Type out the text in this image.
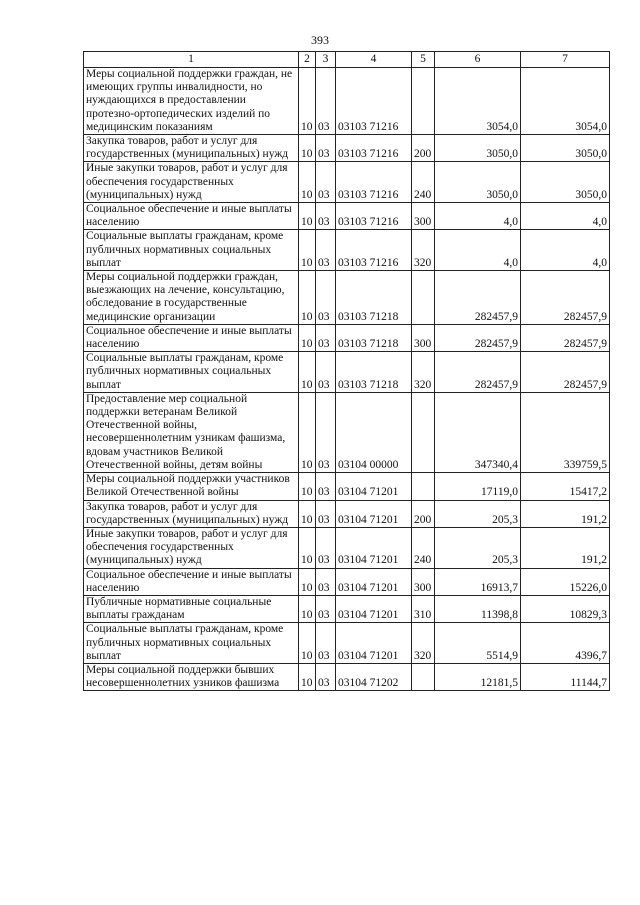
393
1	2	3	4	5	6	7
Меры социальной поддержки граждан, не имеющих группы инвалидности, но нуждающихся в предоставлении протезно-ортопедических изделий по медицинским показаниям	10	03	03103 71216		3054,0	3054,0
Закупка товаров, работ и услуг для государственных (муниципальных) нужд	10	03	03103 71216	200	3050,0	3050,0
Иные закупки товаров, работ и услуг для обеспечения государственных (муниципальных) нужд	10	03	03103 71216	240	3050,0	3050,0
Социальное обеспечение и иные выплаты населению	10	03	03103 71216	300	4,0	4,0
Социальные выплаты гражданам, кроме публичных нормативных социальных выплат	10	03	03103 71216	320	4,0	4,0
Меры социальной поддержки граждан, выезжающих на лечение, консультацию, обследование в государственные медицинские организации	10	03	03103 71218		282457,9	282457,9
Социальное обеспечение и иные выплаты населению	10	03	03103 71218	300	282457,9	282457,9
Социальные выплаты гражданам, кроме публичных нормативных социальных выплат	10	03	03103 71218	320	282457,9	282457,9
Предоставление мер социальной поддержки ветеранам Великой Отечественной войны, несовершеннолетним узникам фашизма, вдовам участников Великой Отечественной войны, детям войны	10	03	03104 00000		347340,4	339759,5
Меры социальной поддержки участников Великой Отечественной войны	10	03	03104 71201		17119,0	15417,2
Закупка товаров, работ и услуг для государственных (муниципальных) нужд	10	03	03104 71201	200	205,3	191,2
Иные закупки товаров, работ и услуг для обеспечения государственных (муниципальных) нужд	10	03	03104 71201	240	205,3	191,2
Социальное обеспечение и иные выплаты населению	10	03	03104 71201	300	16913,7	15226,0
Публичные нормативные социальные выплаты гражданам	10	03	03104 71201	310	11398,8	10829,3
Социальные выплаты гражданам, кроме публичных нормативных социальных выплат	10	03	03104 71201	320	5514,9	4396,7
Меры социальной поддержки бывших несовершеннолетних узников фашизма	10	03	03104 71202		12181,5	11144,7
